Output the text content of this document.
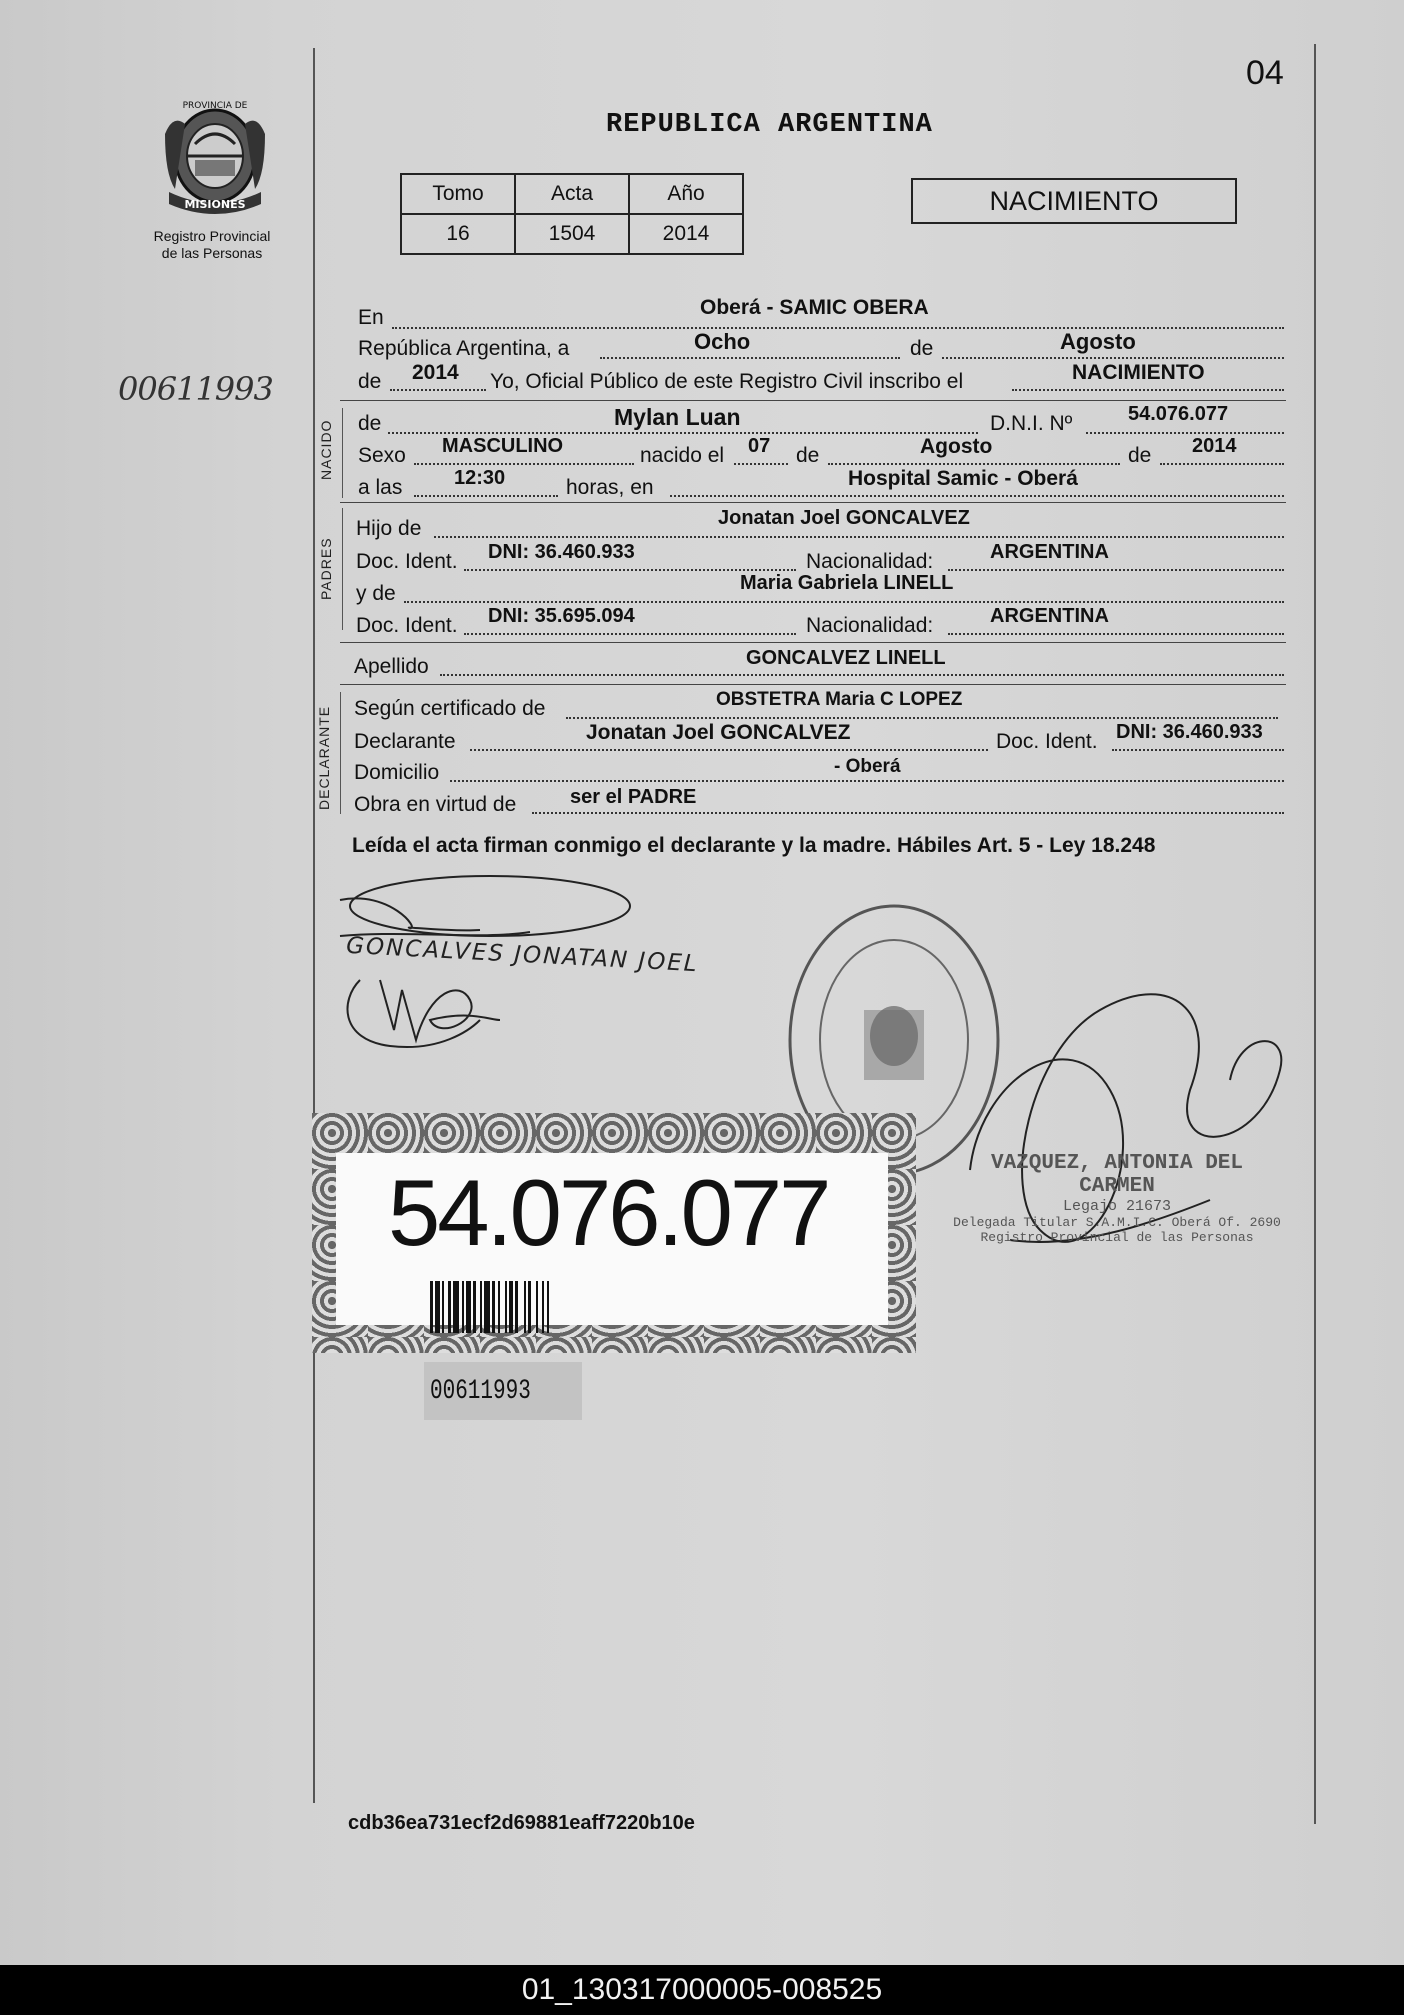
04
PROVINCIA DE
MISIONES
Registro Provincial
de las Personas
00611993
REPUBLICA ARGENTINA
Tomo	Acta	Año
16	1504	2014
NACIMIENTO
En	Oberá - SAMIC OBERA
República Argentina, a	Ocho	de	Agosto
de 2014 Yo, Oficial Público de este Registro Civil inscribo el	NACIMIENTO
NACIDO de	Mylan Luan	D.N.I. Nº	54.076.077
Sexo MASCULINO	nacido el 07 de	Agosto	de 2014
a las	12:30	horas, en	Hospital Samic - Oberá
PADRES
Hijo de	Jonatan Joel GONCALVEZ
Doc. Ident. DNI: 36.460.933	Nacionalidad:	ARGENTINA
y de	Maria Gabriela LINELL
Doc. Ident. DNI: 35.695.094	Nacionalidad:	ARGENTINA
Apellido	GONCALVEZ LINELL
DECLARANTE Según certificado de	OBSTETRA Maria C LOPEZ
Declarante	Jonatan Joel GONCALVEZ	Doc. Ident. DNI: 36.460.933
Domicilio	- Oberá
Obra en virtud de	ser el PADRE
Leída el acta firman conmigo el declarante y la madre. Hábiles Art. 5 - Ley 18.248
GONCALVES JONATAN JOEL
VAZQUEZ, ANTONIA DEL CARMEN
Legajo 21673
Delegada Titular S.A.M.I.C. Oberá Of. 2690
Registro Provincial de las Personas
54.076.077
00611993
cdb36ea731ecf2d69881eaff7220b10e
01_130317000005-008525
